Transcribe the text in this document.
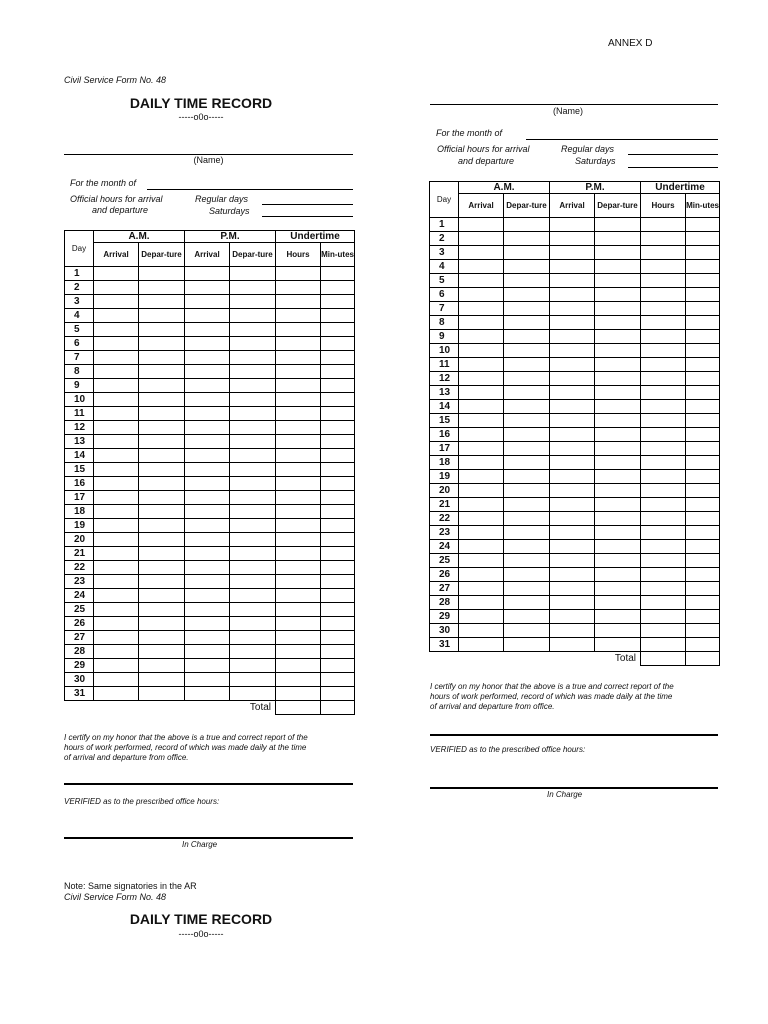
ANNEX D
Civil Service Form No. 48
DAILY TIME RECORD
-----o0o-----
(Name)
For the month of
Official hours for arrival
and departure
Regular days
Saturdays
Day	A.M.		P.M.		Undertime	
	Arrival	Depar-ture	Arrival	Depar-ture	Hours	Min-utes
1						
2						
3						
4						
5						
6						
7						
8						
9						
10						
11						
12						
13						
14						
15						
16						
17						
18						
19						
20						
21						
22						
23						
24						
25						
26						
27						
28						
29						
30						
31						
Total						
I certify on my honor that the above is a true and correct report of the
hours of work performed, record of which was made daily at the time
of arrival and departure from office.
VERIFIED as to the prescribed office hours:
In Charge
Note: Same signatories in the AR
Civil Service Form No. 48
DAILY TIME RECORD
-----o0o-----
(Name)
For the month of
Official hours for arrival
and departure
Regular days
Saturdays
Day	A.M.		P.M.		Undertime	
	Arrival	Depar-ture	Arrival	Depar-ture	Hours	Min-utes
1						
2						
3						
4						
5						
6						
7						
8						
9						
10						
11						
12						
13						
14						
15						
16						
17						
18						
19						
20						
21						
22						
23						
24						
25						
26						
27						
28						
29						
30						
31						
Total						
I certify on my honor that the above is a true and correct report of the
hours of work performed, record of which was made daily at the time
of arrival and departure from office.
VERIFIED as to the prescribed office hours:
In Charge
